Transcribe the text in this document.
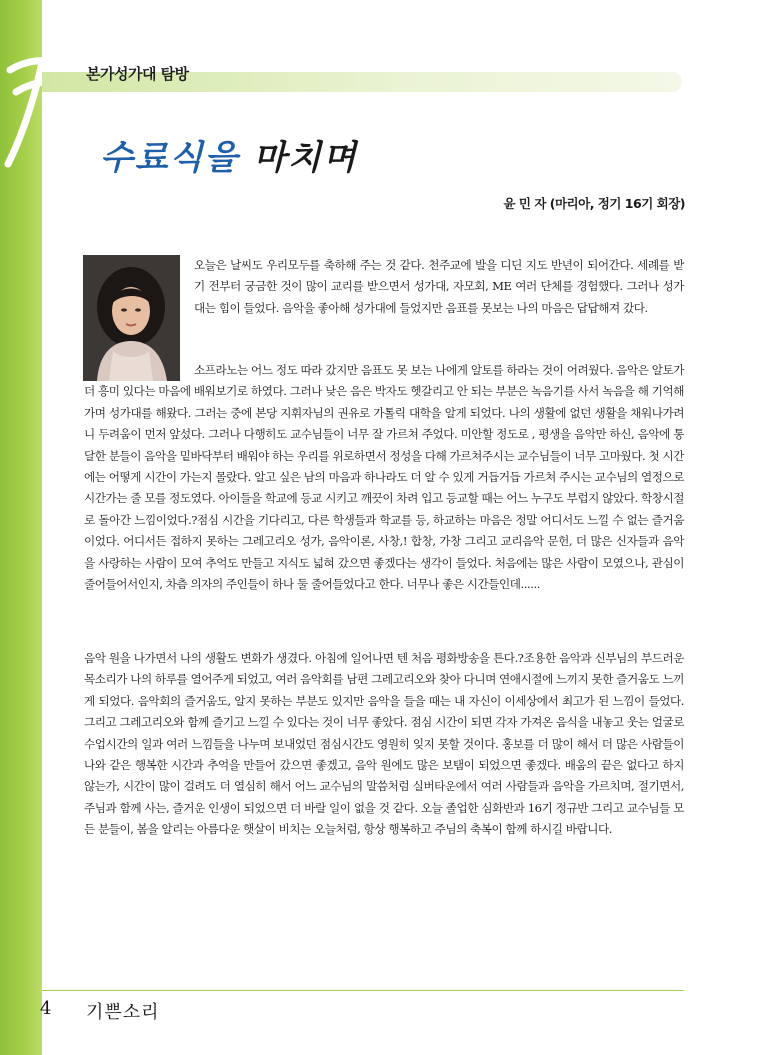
본가성가대 탐방
수료식을 마치며
윤 민 자 (마리아, 정기 16기 회장)
오늘은 날씨도 우리모두를 축하해 주는 것 같다. 천주교에 발을 디딘 지도 반년이 되어간다. 세례를 받기 전부터 궁금한 것이 많이 교리를 받으면서 성가대, 자모회, ME 여러 단체를 경험했다. 그러나 성가대는 힘이 들었다. 음악을 좋아해 성가대에 들었지만 음표를 못보는 나의 마음은 답답해져 갔다.
소프라노는 어느 정도 따라 갔지만 음표도 못 보는 나에게 알토를 하라는 것이 어려웠다. 음악은 알토가 더 흥미 있다는 마음에 배워보기로 하였다. 그러나 낮은 음은 박자도 헷갈리고 안 되는 부분은 녹음기를 사서 녹음을 해 기억해가며 성가대를 해왔다. 그러는 중에 본당 지휘자님의 권유로 가톨릭 대학을 알게 되었다. 나의 생활에 없던 생활을 채워나가려니 두려움이 먼저 앞섰다. 그러나 다행히도 교수님들이 너무 잘 가르쳐 주었다. 미안할 정도로 , 평생을 음악만 하신, 음악에 통달한 분들이 음악을 밑바닥부터 배워야 하는 우리를 위로하면서 정성을 다해 가르쳐주시는 교수님들이 너무 고마웠다. 첫 시간에는 어떻게 시간이 가는지 몰랐다. 알고 싶은 남의 마음과 하나라도 더 알 수 있게 거듭거듭 가르쳐 주시는 교수님의 열정으로 시간가는 줄 모를 정도였다. 아이들을 학교에 등교 시키고 깨끗이 차려 입고 등교할 때는 어느 누구도 부럽지 않았다. 학창시절로 돌아간 느낌이었다.?점심 시간을 기다리고, 다른 학생들과 학교를 등, 하교하는 마음은 정말 어디서도 느낄 수 없는 즐거움이었다. 어디서든 접하지 못하는 그레고리오 성가, 음악이론, 사창,! 합창, 가창 그리고 교리음악 문헌, 더 많은 신자들과 음악을 사랑하는 사람이 모여 추억도 만들고 지식도 넓혀 갔으면 좋겠다는 생각이 들었다. 처음에는 많은 사람이 모였으나, 관심이 줄어들어서인지, 차츰 의자의 주인들이 하나 둘 줄어들었다고 한다. 너무나 좋은 시간들인데......
음악 원을 나가면서 나의 생활도 변화가 생겼다. 아침에 일어나면 텐 처음 평화방송을 튼다.?조용한 음악과 신부님의 부드러운 목소리가 나의 하루를 열어주게 되었고, 여러 음악회를 남편 그레고리오와 찾아 다니며 연애시절에 느끼지 못한 즐거움도 느끼게 되었다. 음악회의 즐거움도, 알지 못하는 부분도 있지만 음악을 들을 때는 내 자신이 이세상에서 최고가 된 느낌이 들었다. 그리고 그레고리오와 함께 즐기고 느낄 수 있다는 것이 너무 좋았다. 점심 시간이 되면 각자 가져온 음식을 내놓고 웃는 얼굴로 수업시간의 일과 여러 느낌들을 나누며 보내었던 점심시간도 영원히 잊지 못할 것이다. 홍보를 더 많이 해서 더 많은 사람들이 나와 같은 행복한 시간과 추억을 만들어 갔으면 좋겠고, 음악 원에도 많은 보탬이 되었으면 좋겠다. 배움의 끝은 없다고 하지 않는가, 시간이 많이 걸려도 더 열심히 해서 어느 교수님의 말씀처럼 실버타운에서 여러 사람들과 음악을 가르치며, 절기면서, 주님과 함께 사는, 즐거운 인생이 되었으면 더 바랄 일이 없을 것 같다. 오늘 졸업한 심화반과 16기 정규반 그리고 교수님들 모든 분들이, 봄을 알리는 아름다운 햇살이 비치는 오늘처럼, 항상 행복하고 주님의 축복이 함께 하시길 바랍니다.
4 기쁜소리
